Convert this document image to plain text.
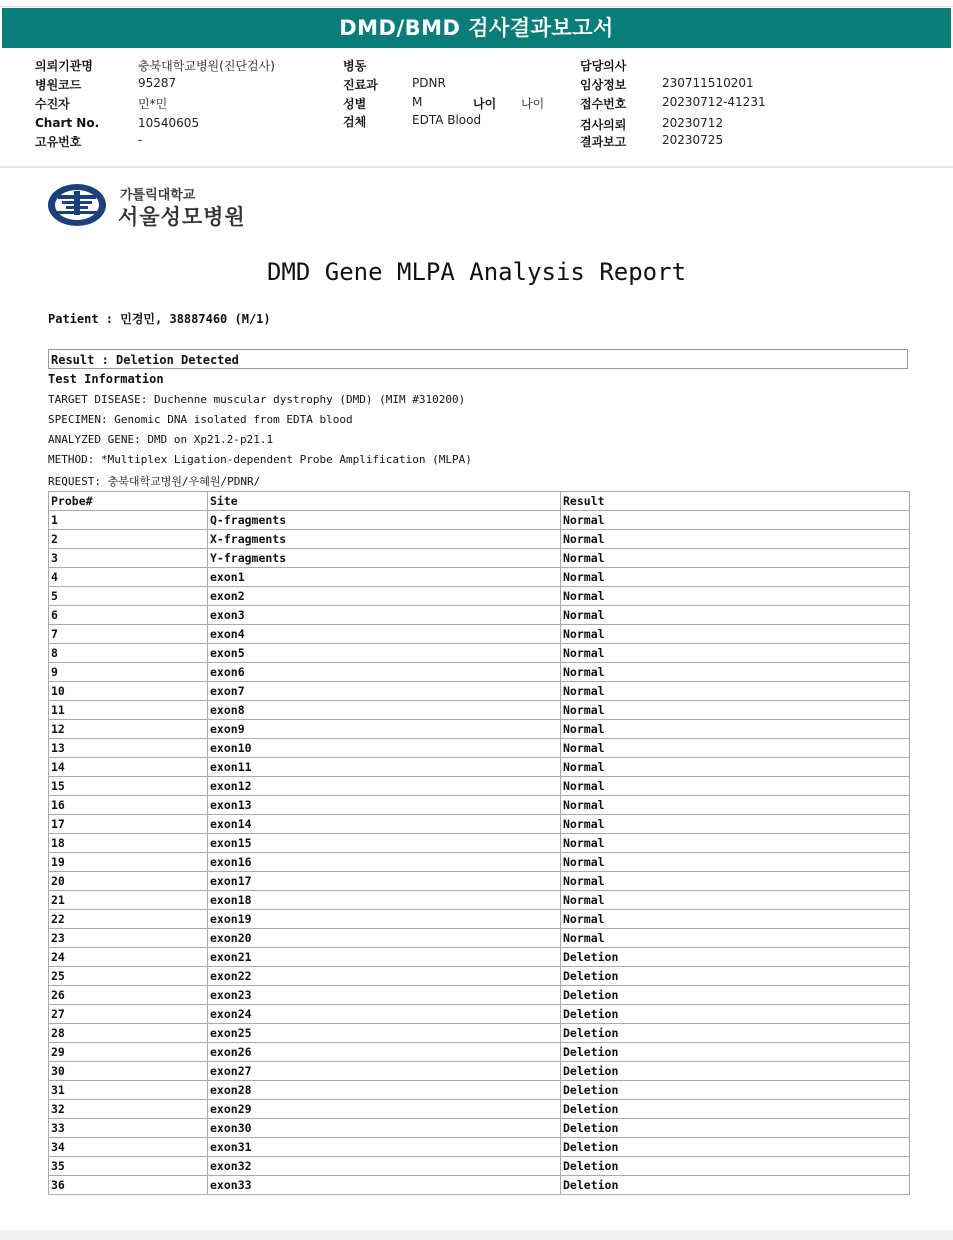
DMD/BMD 검사결과보고서
의뢰기관명	충북대학교병원(진단검사)
병원코드	95287
수진자	민*민
Chart No.	10540605
고유번호	-
병동
진료과	PDNR
성별	M	나이 나이
검체	EDTA Blood
담당의사
임상정보	230711510201
접수번호	20230712-41231
검사의뢰	20230712
결과보고	20230725
가톨릭대학교
서울성모병원
DMD Gene MLPA Analysis Report
Patient : 민경민, 38887460 (M/1)
Result : Deletion Detected
Test Information
TARGET DISEASE: Duchenne muscular dystrophy (DMD) (MIM #310200)
SPECIMEN: Genomic DNA isolated from EDTA blood
ANALYZED GENE: DMD on Xp21.2-p21.1
METHOD: *Multiplex Ligation-dependent Probe Amplification (MLPA)
REQUEST: 충북대학교병원/우혜원/PDNR/
Probe#	Site	Result
1	Q-fragments	Normal
2	X-fragments	Normal
3	Y-fragments	Normal
4	exon1	Normal
5	exon2	Normal
6	exon3	Normal
7	exon4	Normal
8	exon5	Normal
9	exon6	Normal
10	exon7	Normal
11	exon8	Normal
12	exon9	Normal
13	exon10	Normal
14	exon11	Normal
15	exon12	Normal
16	exon13	Normal
17	exon14	Normal
18	exon15	Normal
19	exon16	Normal
20	exon17	Normal
21	exon18	Normal
22	exon19	Normal
23	exon20	Normal
24	exon21	Deletion
25	exon22	Deletion
26	exon23	Deletion
27	exon24	Deletion
28	exon25	Deletion
29	exon26	Deletion
30	exon27	Deletion
31	exon28	Deletion
32	exon29	Deletion
33	exon30	Deletion
34	exon31	Deletion
35	exon32	Deletion
36	exon33	Deletion
